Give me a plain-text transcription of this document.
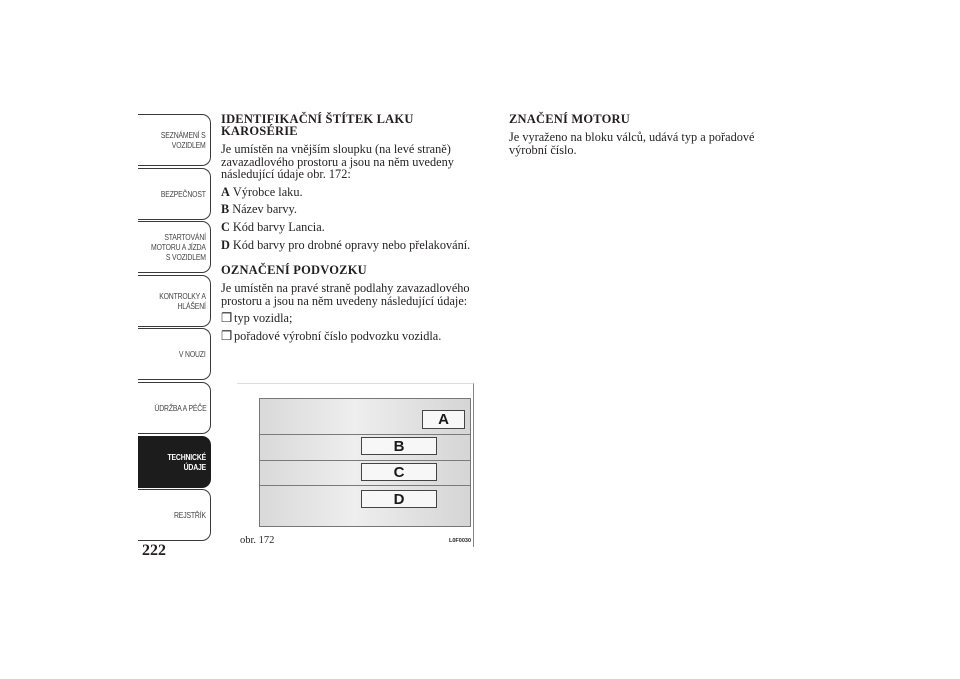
SEZNÁMENÍ S
VOZIDLEM
BEZPEČNOST
STARTOVÁNÍ
MOTORU A JÍZDA
S VOZIDLEM
KONTROLKY A
HLÁŠENÍ
V NOUZI
ÚDRŽBA A PÉČE
TECHNICKÉ
ÚDAJE
REJSTŘÍK
222
IDENTIFIKAČNÍ ŠTÍTEK LAKU KAROSÉRIE

Je umístěn na vnějším sloupku (na levé straně) zavazadlového prostoru a jsou na něm uvedeny následující údaje obr. 172:

A Výrobce laku.
B Název barvy.
C Kód barvy Lancia.
D Kód barvy pro drobné opravy nebo přelakování.
OZNAČENÍ PODVOZKU

Je umístěn na pravé straně podlahy zavazadlového prostoru a jsou na něm uvedeny následující údaje:

❒ typ vozidla;
❒ pořadové výrobní číslo podvozku vozidla.
ZNAČENÍ MOTORU

Je vyraženo na bloku válců, udává typ a pořadové výrobní číslo.

A
B
C
D
obr. 172	L0F0030
